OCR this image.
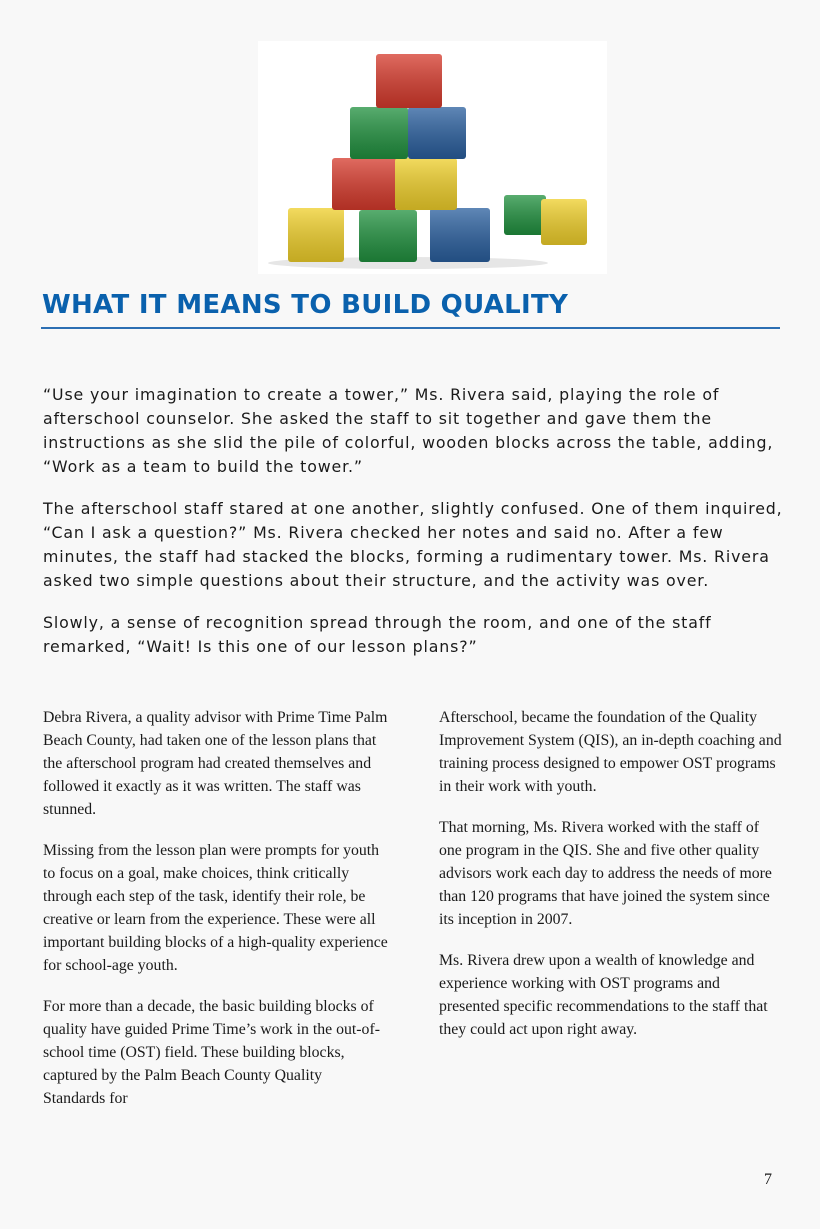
WHAT IT MEANS TO BUILD QUALITY

“Use your imagination to create a tower,” Ms. Rivera said, playing the role of afterschool counselor. She asked the staff to sit together and gave them the instructions as she slid the pile of colorful, wooden blocks across the table, adding, “Work as a team to build the tower.”

The afterschool staff stared at one another, slightly confused. One of them inquired, “Can I ask a question?” Ms. Rivera checked her notes and said no. After a few minutes, the staff had stacked the blocks, forming a rudimentary tower. Ms. Rivera asked two simple questions about their structure, and the activity was over.

Slowly, a sense of recognition spread through the room, and one of the staff remarked, “Wait! Is this one of our lesson plans?”

Debra Rivera, a quality advisor with Prime Time Palm Beach County, had taken one of the lesson plans that the afterschool program had created themselves and followed it exactly as it was written. The staff was stunned.

Missing from the lesson plan were prompts for youth to focus on a goal, make choices, think critically through each step of the task, identify their role, be creative or learn from the experience. These were all important building blocks of a high-quality experience for school-age youth.

For more than a decade, the basic building blocks of quality have guided Prime Time’s work in the out-of-school time (OST) field. These building blocks, captured by the Palm Beach County Quality Standards for

Afterschool, became the foundation of the Quality Improvement System (QIS), an in-depth coaching and training process designed to empower OST programs in their work with youth.

That morning, Ms. Rivera worked with the staff of one program in the QIS. She and five other quality advisors work each day to address the needs of more than 120 programs that have joined the system since its inception in 2007.

Ms. Rivera drew upon a wealth of knowledge and experience working with OST programs and presented specific recommendations to the staff that they could act upon right away.

7
